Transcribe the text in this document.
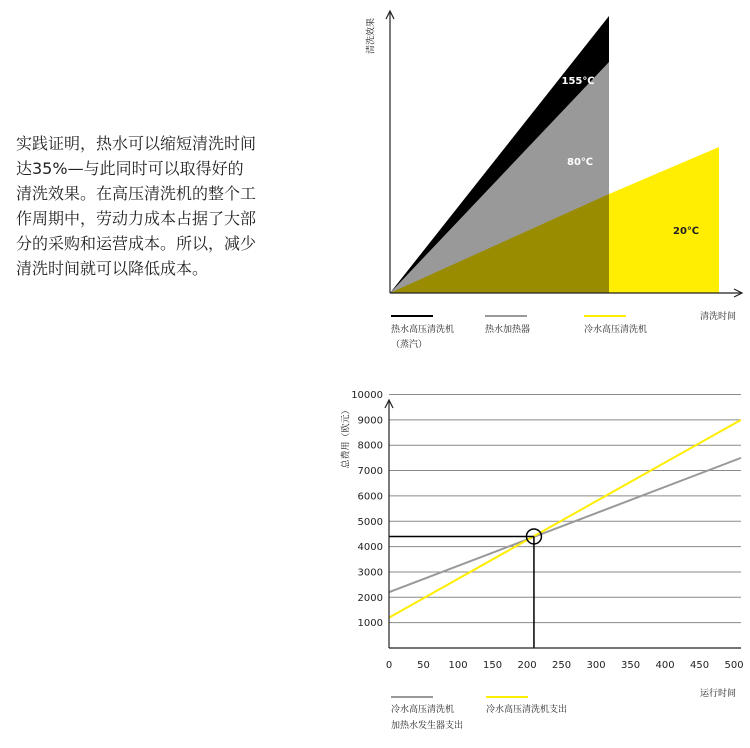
实践证明，热水可以缩短清洗时间
达35%—与此同时可以取得好的
清洗效果。在高压清洗机的整个工
作周期中，劳动力成本占据了大部
分的采购和运营成本。所以，减少
清洗时间就可以降低成本。
155℃
80℃
20℃
清洗效果
清洗时间
热水高压清洗机
（蒸汽）
热水加热器	冷水高压清洗机
1000
2000
3000
4000
5000
6000
7000
8000
9000
10000
0 50 100 150 200 250 300 350 400 450 500
总费用（欧元）
运行时间
冷水高压清洗机
加热水发生器支出
冷水高压清洗机支出
